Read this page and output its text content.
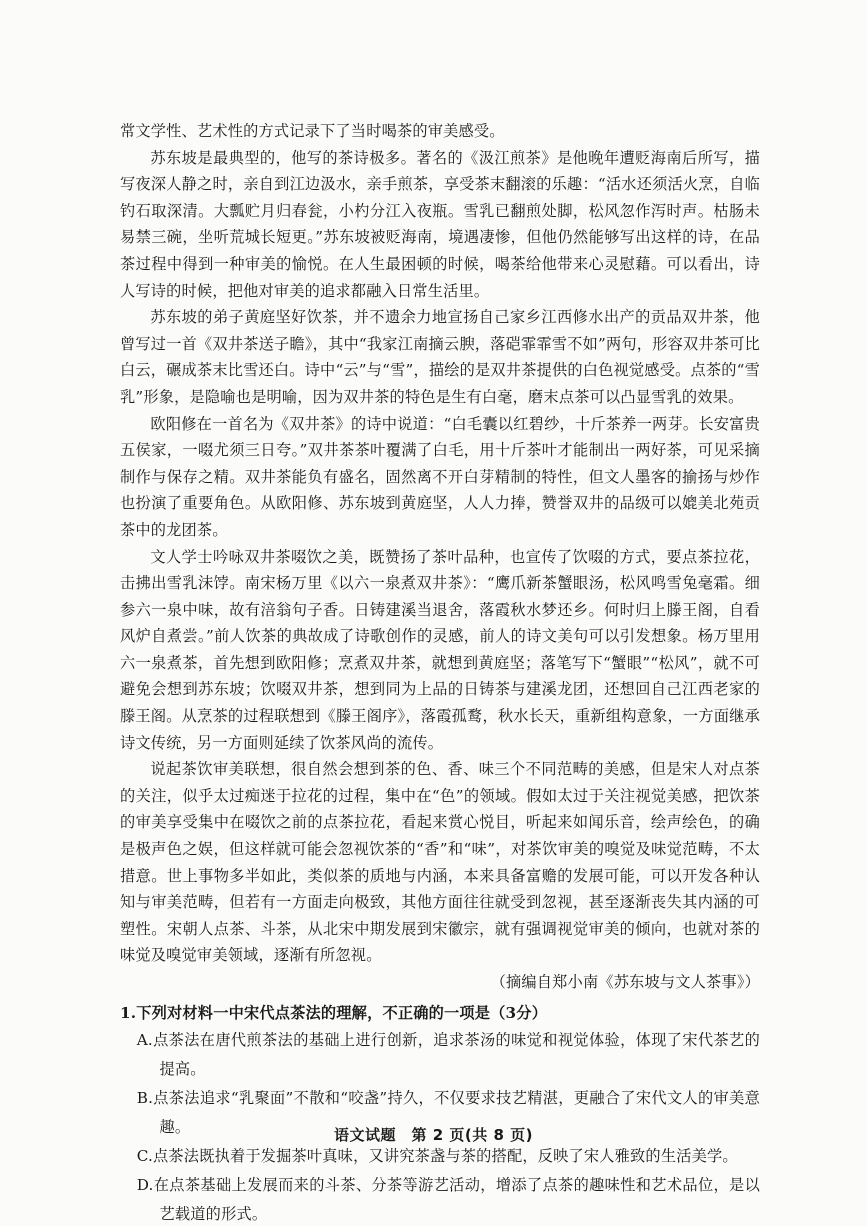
常文学性、艺术性的方式记录下了当时喝茶的审美感受。

苏东坡是最典型的，他写的茶诗极多。著名的《汲江煎茶》是他晚年遭贬海南后所写，描写夜深人静之时，亲自到江边汲水，亲手煎茶，享受茶末翻滚的乐趣：“活水还须活火烹，自临钓石取深清。大瓢贮月归春瓮，小杓分江入夜瓶。雪乳已翻煎处脚，松风忽作泻时声。枯肠未易禁三碗，坐听荒城长短更。”苏东坡被贬海南，境遇凄惨，但他仍然能够写出这样的诗，在品茶过程中得到一种审美的愉悦。在人生最困顿的时候，喝茶给他带来心灵慰藉。可以看出，诗人写诗的时候，把他对审美的追求都融入日常生活里。

苏东坡的弟子黄庭坚好饮茶，并不遗余力地宣扬自己家乡江西修水出产的贡品双井茶，他曾写过一首《双井茶送子瞻》，其中“我家江南摘云腴，落硙霏霏雪不如”两句，形容双井茶可比白云，碾成茶末比雪还白。诗中“云”与“雪”，描绘的是双井茶提供的白色视觉感受。点茶的“雪乳”形象，是隐喻也是明喻，因为双井茶的特色是生有白毫，磨末点茶可以凸显雪乳的效果。

欧阳修在一首名为《双井茶》的诗中说道：“白毛囊以红碧纱，十斤茶养一两芽。长安富贵五侯家，一啜尤须三日夸。”双井茶茶叶覆满了白毛，用十斤茶叶才能制出一两好茶，可见采摘制作与保存之精。双井茶能负有盛名，固然离不开白芽精制的特性，但文人墨客的揄扬与炒作也扮演了重要角色。从欧阳修、苏东坡到黄庭坚，人人力捧，赞誉双井的品级可以媲美北苑贡茶中的龙团茶。

文人学士吟咏双井茶啜饮之美，既赞扬了茶叶品种，也宣传了饮啜的方式，要点茶拉花，击拂出雪乳沫饽。南宋杨万里《以六一泉煮双井茶》：“鹰爪新茶蟹眼汤，松风鸣雪兔毫霜。细参六一泉中味，故有涪翁句子香。日铸建溪当退舍，落霞秋水梦还乡。何时归上滕王阁，自看风炉自煮尝。”前人饮茶的典故成了诗歌创作的灵感，前人的诗文美句可以引发想象。杨万里用六一泉煮茶，首先想到欧阳修；烹煮双井茶，就想到黄庭坚；落笔写下“蟹眼”“松风”，就不可避免会想到苏东坡；饮啜双井茶，想到同为上品的日铸茶与建溪龙团，还想回自己江西老家的滕王阁。从烹茶的过程联想到《滕王阁序》，落霞孤鹜，秋水长天，重新组构意象，一方面继承诗文传统，另一方面则延续了饮茶风尚的流传。

说起茶饮审美联想，很自然会想到茶的色、香、味三个不同范畴的美感，但是宋人对点茶的关注，似乎太过痴迷于拉花的过程，集中在“色”的领域。假如太过于关注视觉美感，把饮茶的审美享受集中在啜饮之前的点茶拉花，看起来赏心悦目，听起来如闻乐音，绘声绘色，的确是极声色之娱，但这样就可能会忽视饮茶的“香”和“味”，对茶饮审美的嗅觉及味觉范畴，不太措意。世上事物多半如此，类似茶的质地与内涵，本来具备富赡的发展可能，可以开发各种认知与审美范畴，但若有一方面走向极致，其他方面往往就受到忽视，甚至逐渐丧失其内涵的可塑性。宋朝人点茶、斗茶，从北宋中期发展到宋徽宗，就有强调视觉审美的倾向，也就对茶的味觉及嗅觉审美领域，逐渐有所忽视。

（摘编自郑小南《苏东坡与文人茶事》）

1.下列对材料一中宋代点茶法的理解，不正确的一项是（3分）

A.点茶法在唐代煎茶法的基础上进行创新，追求茶汤的味觉和视觉体验，体现了宋代茶艺的提高。
B.点茶法追求“乳聚面”不散和“咬盏”持久，不仅要求技艺精湛，更融合了宋代文人的审美意趣。
C.点茶法既执着于发掘茶叶真味，又讲究茶盏与茶的搭配，反映了宋人雅致的生活美学。
D.在点茶基础上发展而来的斗茶、分茶等游艺活动，增添了点茶的趣味性和艺术品位，是以艺载道的形式。
语文试题　第 2 页(共 8 页)
